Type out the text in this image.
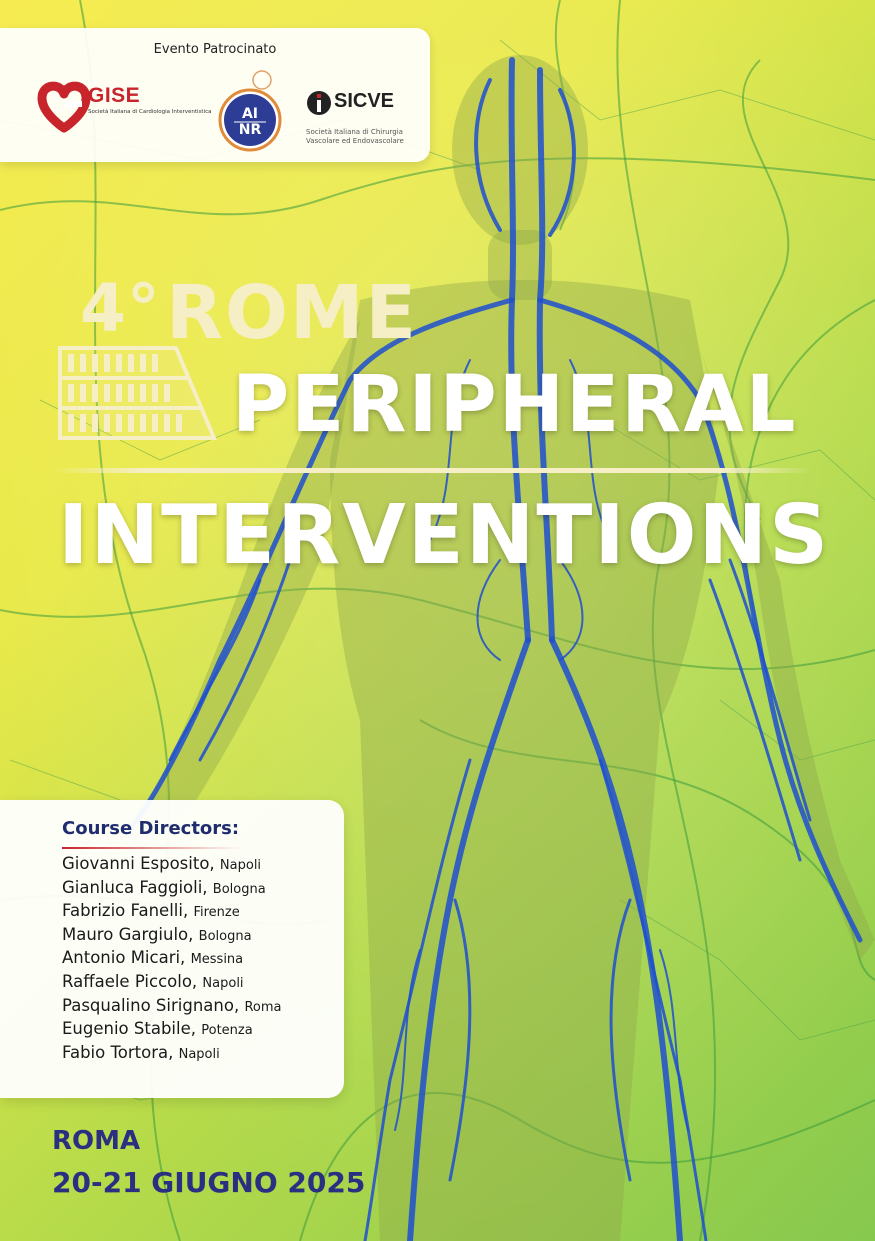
Evento Patrocinato
GISE
Società Italiana di Cardiologia Interventistica AI
NR
SICVE
Società Italiana di Chirurgia
Vascolare ed Endovascolare
4° ROME
PERIPHERAL
INTERVENTIONS
Course Directors:
Giovanni Esposito, Napoli
Gianluca Faggioli, Bologna
Fabrizio Fanelli, Firenze
Mauro Gargiulo, Bologna
Antonio Micari, Messina
Raffaele Piccolo, Napoli
Pasqualino Sirignano, Roma
Eugenio Stabile, Potenza
Fabio Tortora, Napoli
ROMA
20-21 GIUGNO 2025
